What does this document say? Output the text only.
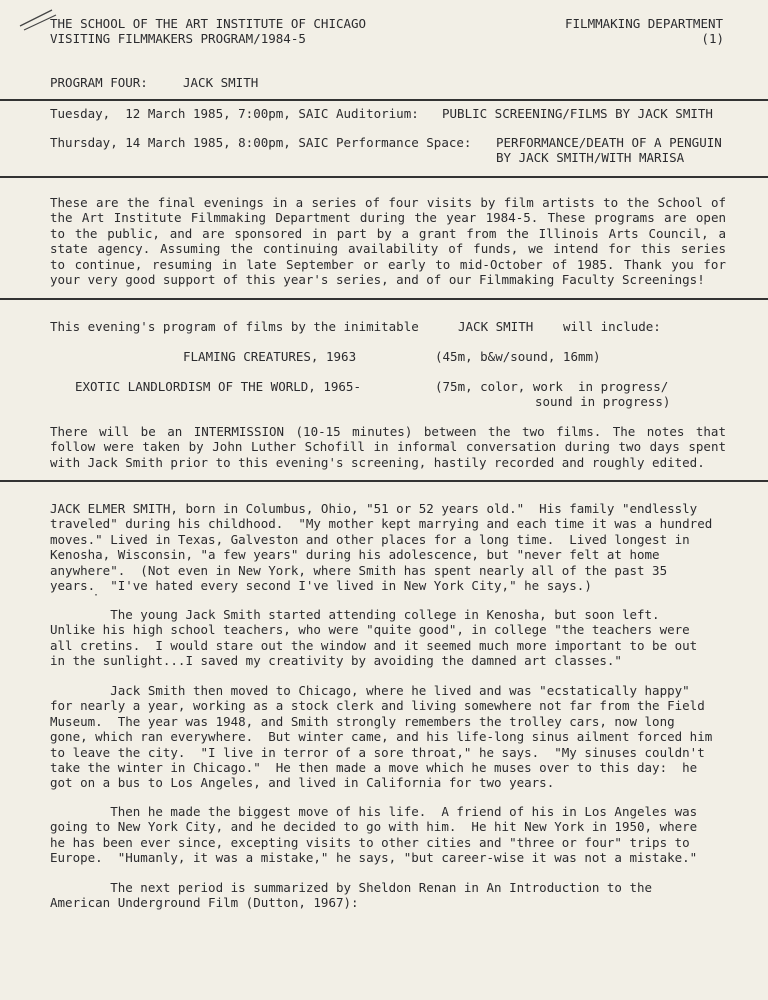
THE SCHOOL OF THE ART INSTITUTE OF CHICAGO
VISITING FILMMAKERS PROGRAM/1984-5
FILMMAKING DEPARTMENT
(1)
PROGRAM FOUR:	JACK SMITH
Tuesday,  12 March 1985, 7:00pm, SAIC Auditorium: PUBLIC SCREENING/FILMS BY JACK SMITH
Thursday, 14 March 1985, 8:00pm, SAIC Performance Space: PERFORMANCE/DEATH OF A PENGUIN
BY JACK SMITH/WITH MARISA
These are the final evenings in a series of four visits by film artists to the School of
the Art Institute Filmmaking Department during the year 1984-5. These programs are open
to the public, and are sponsored in part by a grant from the Illinois Arts Council, a
state agency. Assuming the continuing availability of funds, we intend for this series
to continue, resuming in late September or early to mid-October of 1985. Thank you for
your very good support of this year's series, and of our Filmmaking Faculty Screenings!
This evening's program of films by the inimitable	JACK SMITH will include:
FLAMING CREATURES, 1963	(45m, b&w/sound, 16mm)
EXOTIC LANDLORDISM OF THE WORLD, 1965-	(75m, color, work  in progress/
sound in progress)
There will be an INTERMISSION (10-15 minutes) between the two films. The notes that
follow were taken by John Luther Schofill in informal conversation during two days spent
with Jack Smith prior to this evening's screening, hastily recorded and roughly edited.
JACK ELMER SMITH, born in Columbus, Ohio, "51 or 52 years old."  His family "endlessly
traveled" during his childhood.  "My mother kept marrying and each time it was a hundred
moves." Lived in Texas, Galveston and other places for a long time.  Lived longest in
Kenosha, Wisconsin, "a few years" during his adolescence, but "never felt at home
anywhere".  (Not even in New York, where Smith has spent nearly all of the past 35
years.  "I've hated every second I've lived in New York City," he says.)
·
The young Jack Smith started attending college in Kenosha, but soon left.
Unlike his high school teachers, who were "quite good", in college "the teachers were
all cretins.  I would stare out the window and it seemed much more important to be out
in the sunlight...I saved my creativity by avoiding the damned art classes."
Jack Smith then moved to Chicago, where he lived and was "ecstatically happy"
for nearly a year, working as a stock clerk and living somewhere not far from the Field
Museum.  The year was 1948, and Smith strongly remembers the trolley cars, now long
gone, which ran everywhere.  But winter came, and his life-long sinus ailment forced him
to leave the city.  "I live in terror of a sore throat," he says.  "My sinuses couldn't
take the winter in Chicago."  He then made a move which he muses over to this day:  he
got on a bus to Los Angeles, and lived in California for two years.
Then he made the biggest move of his life.  A friend of his in Los Angeles was
going to New York City, and he decided to go with him.  He hit New York in 1950, where
he has been ever since, excepting visits to other cities and "three or four" trips to
Europe.  "Humanly, it was a mistake," he says, "but career-wise it was not a mistake."
The next period is summarized by Sheldon Renan in An Introduction to the
American Underground Film (Dutton, 1967):
